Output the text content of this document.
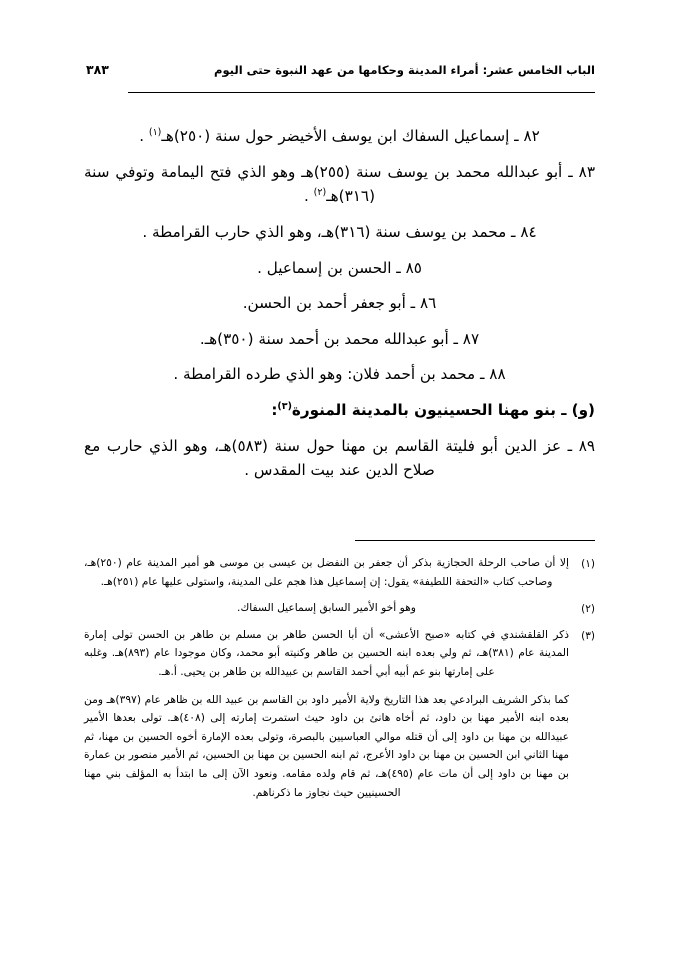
الباب الخامس عشر: أمراء المدينة وحكامها من عهد النبوة حتى اليوم
٣٨٣

٨٢ ـ إسماعيل السفاك ابن يوسف الأخيضر حول سنة (٢٥٠)هـ$^{(١)}$ .

٨٣ ـ أبو عبدالله محمد بن يوسف سنة (٢٥٥)هـ وهو الذي فتح اليمامة وتوفي سنة (٣١٦)هـ$^{(٢)}$ .

٨٤ ـ محمد بن يوسف سنة (٣١٦)هـ، وهو الذي حارب القرامطة .

٨٥ ـ الحسن بن إسماعيل .

٨٦ ـ أبو جعفر أحمد بن الحسن.

٨٧ ـ أبو عبدالله محمد بن أحمد سنة (٣٥٠)هـ.

٨٨ ـ محمد بن أحمد فلان: وهو الذي طرده القرامطة .

(و) ـ بنو مهنا الحسينيون بالمدينة المنورة$^{(٣)}$:

٨٩ ـ عز الدين أبو فليتة القاسم بن مهنا حول سنة (٥٨٣)هـ، وهو الذي حارب مع صلاح الدين عند بيت المقدس .

(١)

إلا أن صاحب الرحلة الحجازية بذكر أن جعفر بن النفضل بن عيسى بن موسى هو أمير المدينة عام (٢٥٠)هـ، وصاحب كتاب «التحفة اللطيفة» يقول: إن إسماعيل هذا هجم على المدينة، واستولى عليها عام (٢٥١)هـ.

(٢)

وهو أخو الأمير السابق إسماعيل السفاك.

(٣)

ذكر القلقشندي في كتابه «صبح الأعشى» أن أبا الحسن طاهر بن مسلم بن طاهر بن الحسن تولى إمارة المدينة عام (٣٨١)هـ، ثم ولي بعده ابنه الحسين بن طاهر وكنيته أبو محمد، وكان موجودا عام (٨٩٣)هـ. وغلبه على إمارتها بنو عم أبيه أبي أحمد القاسم بن عبيدالله بن طاهر بن يحيى. أ.هـ.

كما بذكر الشريف البرادعي بعد هذا التاريخ ولاية الأمير داود بن القاسم بن عبيد الله بن ظاهر عام (٣٩٧)هـ ومن بعده ابنه الأمير مهنا بن داود، ثم أخاه هانئ بن داود حيث استمرت إمارته إلى (٤٠٨)هـ. تولى بعدها الأمير عبيدالله بن مهنا بن داود إلى أن قتله موالي العباسيين بالبصرة، وتولى بعده الإمارة أخوه الحسين بن مهنا، ثم مهنا الثاني ابن الحسين بن مهنا بن داود الأعرج، ثم ابنه الحسين بن مهنا بن الحسين، ثم الأمير منصور بن عمارة بن مهنا بن داود إلى أن مات عام (٤٩٥)هـ، ثم قام ولده مقامه. ونعود الآن إلى ما ابتدأ به المؤلف بني مهنا الحسينيين حيث نجاوز ما ذكرناهم.
